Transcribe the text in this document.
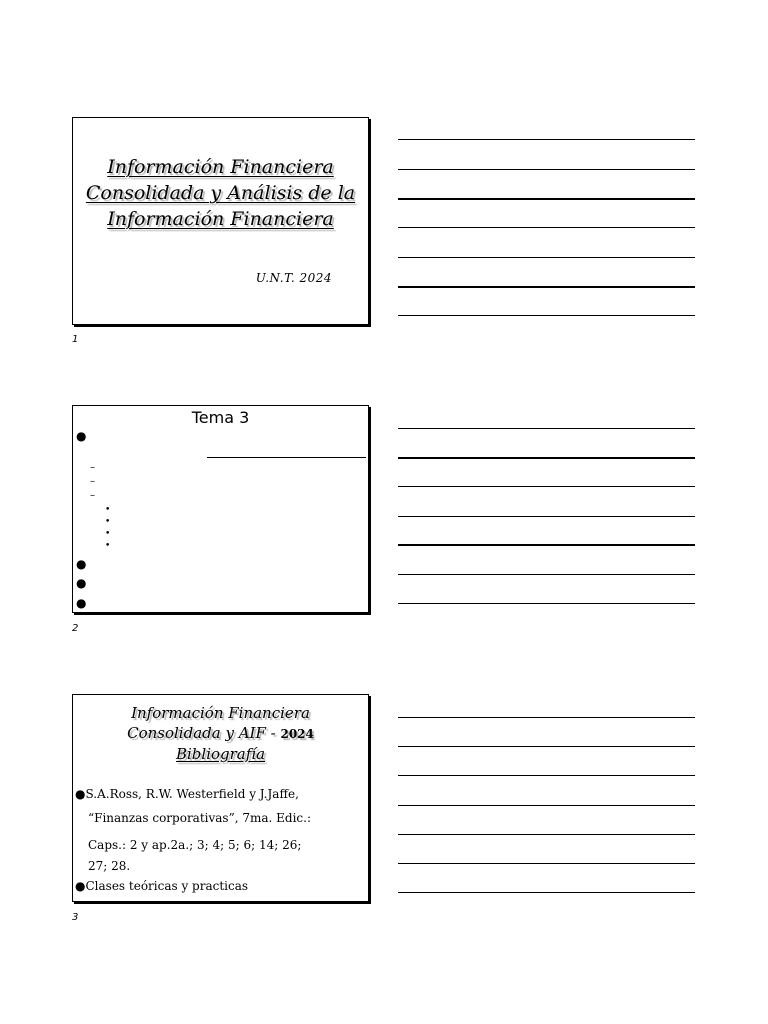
Información Financiera Consolidada y Análisis de la Información Financiera
U.N.T. 2024
1
Tema 3
●
–
–
–
•
•
•
•
●
●
●
2
Información Financiera
Consolidada y AIF - 2024
Bibliografía
●S.A.Ross, R.W. Westerfield y J.Jaffe,
“Finanzas corporativas”, 7ma. Edic.:
Caps.: 2 y ap.2a.; 3; 4; 5; 6; 14; 26;
27; 28.
●Clases teóricas y practicas
3
